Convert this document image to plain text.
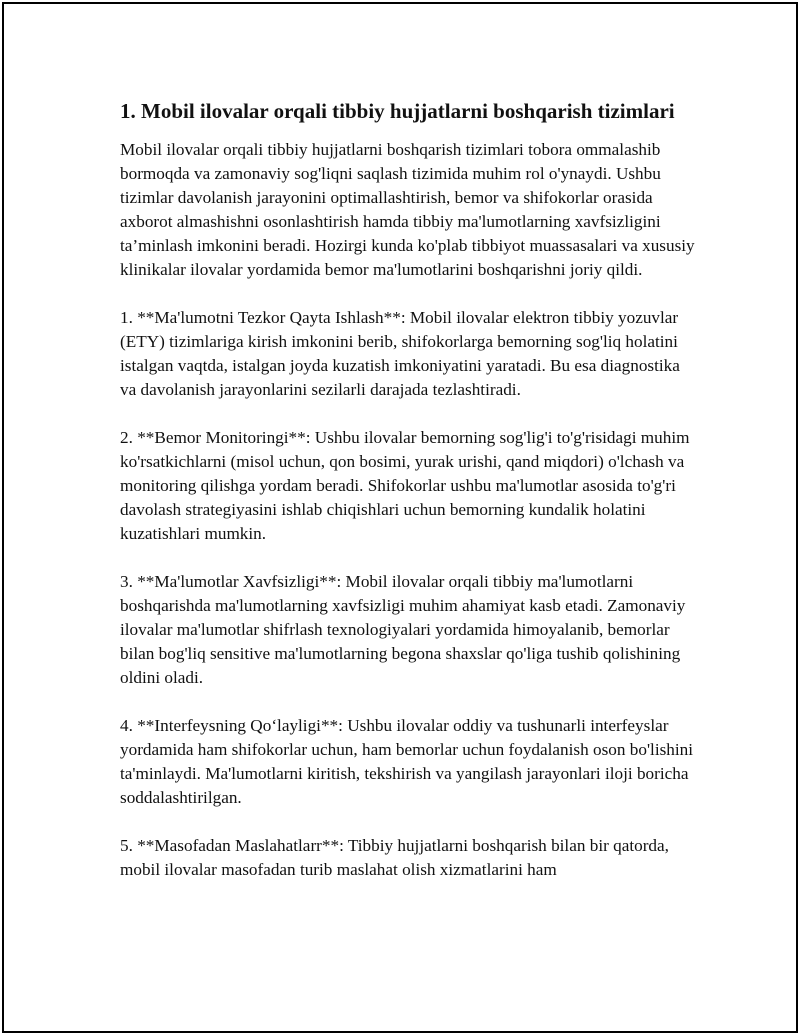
1. Mobil ilovalar orqali tibbiy hujjatlarni boshqarish tizimlari

Mobil ilovalar orqali tibbiy hujjatlarni boshqarish tizimlari tobora ommalashib bormoqda va zamonaviy sog'liqni saqlash tizimida muhim rol o'ynaydi. Ushbu tizimlar davolanish jarayonini optimallashtirish, bemor va shifokorlar orasida axborot almashishni osonlashtirish hamda tibbiy ma'lumotlarning xavfsizligini ta’minlash imkonini beradi. Hozirgi kunda ko'plab tibbiyot muassasalari va xususiy klinikalar ilovalar yordamida bemor ma'lumotlarini boshqarishni joriy qildi.

1. **Ma'lumotni Tezkor Qayta Ishlash**: Mobil ilovalar elektron tibbiy yozuvlar (ETY) tizimlariga kirish imkonini berib, shifokorlarga bemorning sog'liq holatini istalgan vaqtda, istalgan joyda kuzatish imkoniyatini yaratadi. Bu esa diagnostika va davolanish jarayonlarini sezilarli darajada tezlashtiradi.

2. **Bemor Monitoringi**: Ushbu ilovalar bemorning sog'lig'i to'g'risidagi muhim ko'rsatkichlarni (misol uchun, qon bosimi, yurak urishi, qand miqdori) o'lchash va monitoring qilishga yordam beradi. Shifokorlar ushbu ma'lumotlar asosida to'g'ri davolash strategiyasini ishlab chiqishlari uchun bemorning kundalik holatini kuzatishlari mumkin.

3. **Ma'lumotlar Xavfsizligi**: Mobil ilovalar orqali tibbiy ma'lumotlarni boshqarishda ma'lumotlarning xavfsizligi muhim ahamiyat kasb etadi. Zamonaviy ilovalar ma'lumotlar shifrlash texnologiyalari yordamida himoyalanib, bemorlar bilan bog'liq sensitive ma'lumotlarning begona shaxslar qo'liga tushib qolishining oldini oladi.

4. **Interfeysning Qo‘layligi**: Ushbu ilovalar oddiy va tushunarli interfeyslar yordamida ham shifokorlar uchun, ham bemorlar uchun foydalanish oson bo'lishini ta'minlaydi. Ma'lumotlarni kiritish, tekshirish va yangilash jarayonlari iloji boricha soddalashtirilgan.

5. **Masofadan Maslahatlarr**: Tibbiy hujjatlarni boshqarish bilan bir qatorda, mobil ilovalar masofadan turib maslahat olish xizmatlarini ham
